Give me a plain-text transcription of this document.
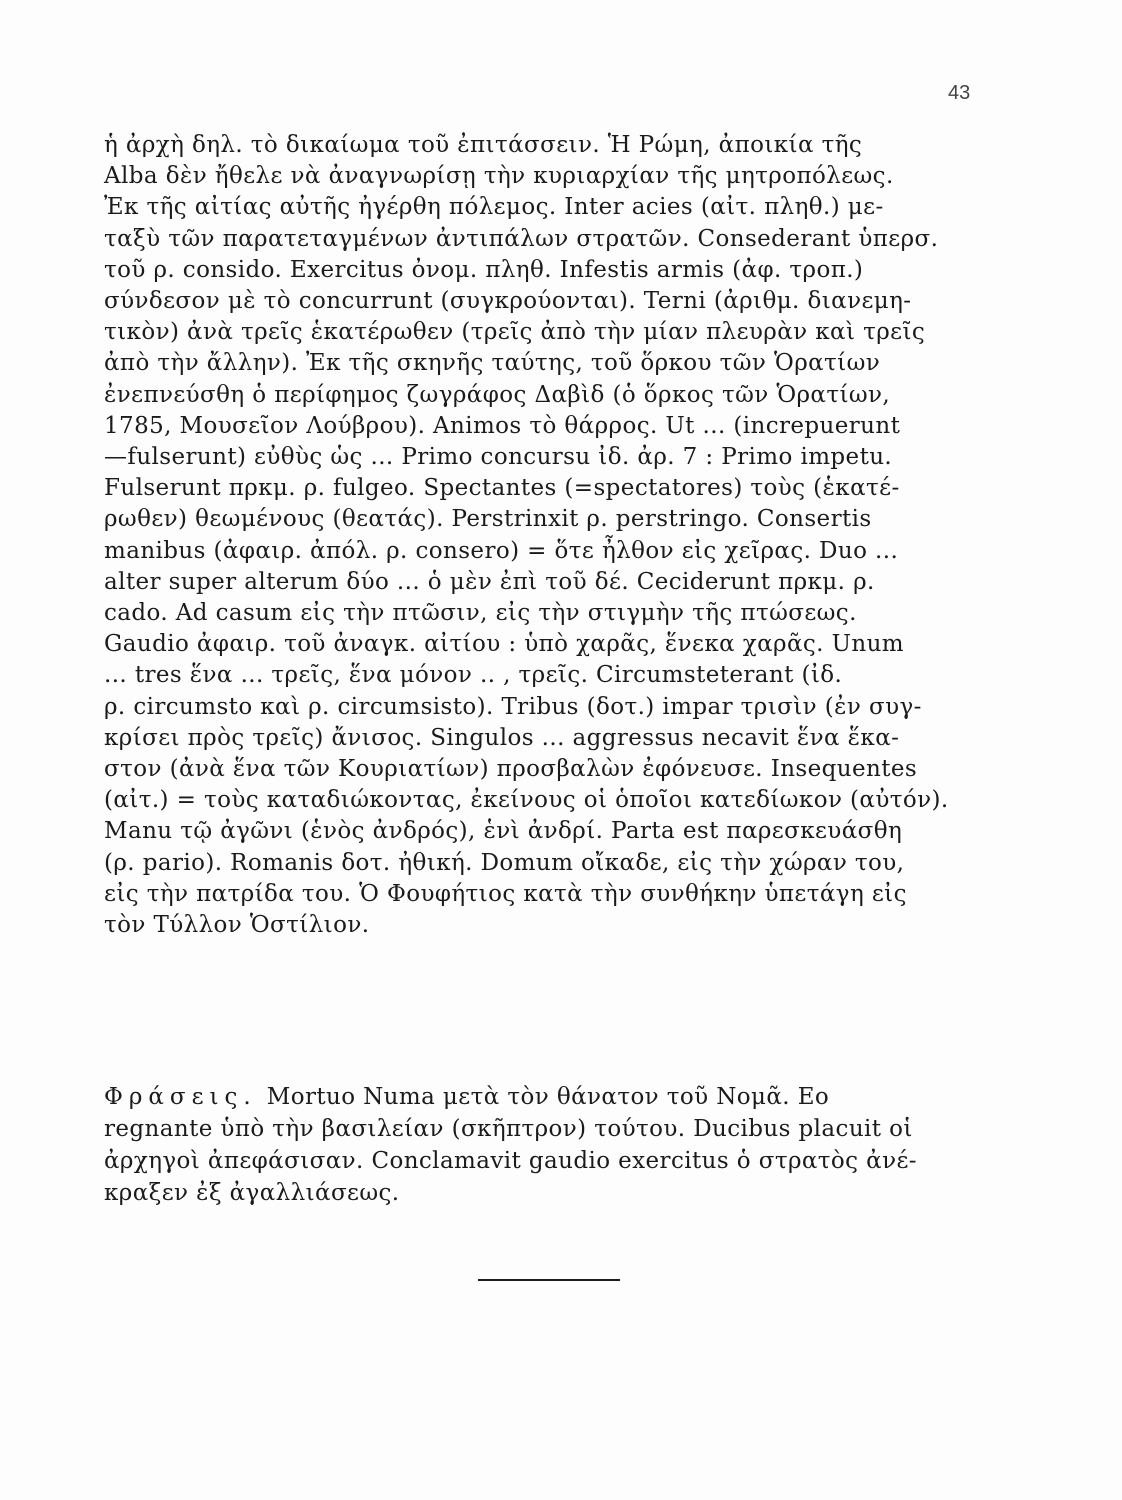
43
ἡ ἀρχὴ δηλ. τὸ δικαίωμα τοῦ ἐπιτάσσειν. Ἡ Ρώμη, ἀποικία τῆς
Alba δὲν ἤθελε νὰ ἀναγνωρίσῃ τὴν κυριαρχίαν τῆς μητροπόλεως.
Ἐκ τῆς αἰτίας αὐτῆς ἠγέρθη πόλεμος. Inter acies (αἰτ. πληθ.) με-
ταξὺ τῶν παρατεταγμένων ἀντιπάλων στρατῶν. Consederant ὑπερσ.
τοῦ ρ. consido. Exercitus ὀνομ. πληθ. Infestis armis (ἀφ. τροπ.)
σύνδεσον μὲ τὸ concurrunt (συγκρούονται). Terni (ἀριθμ. διανεμη-
τικὸν) ἀνὰ τρεῖς ἑκατέρωθεν (τρεῖς ἀπὸ τὴν μίαν πλευρὰν καὶ τρεῖς
ἀπὸ τὴν ἄλλην). Ἐκ τῆς σκηνῆς ταύτης, τοῦ ὅρκου τῶν Ὁρατίων
ἐνεπνεύσθη ὁ περίφημος ζωγράφος Δαβὶδ (ὁ ὅρκος τῶν Ὁρατίων,
1785, Μουσεῖον Λούβρου). Animos τὸ θάρρος. Ut ... (increpuerunt
—fulserunt) εὐθὺς ὡς ... Primo concursu ἰδ. ἀρ. 7 : Primo impetu.
Fulserunt πρκμ. ρ. fulgeo. Spectantes (=spectatores) τοὺς (ἑκατέ-
ρωθεν) θεωμένους (θεατάς). Perstrinxit ρ. perstringo. Consertis
manibus (ἀφαιρ. ἀπόλ. ρ. consero) = ὅτε ἦλθον εἰς χεῖρας. Duo ...
alter super alterum δύο ... ὁ μὲν ἐπὶ τοῦ δέ. Ceciderunt πρκμ. ρ.
cado. Ad casum εἰς τὴν πτῶσιν, εἰς τὴν στιγμὴν τῆς πτώσεως.
Gaudio ἀφαιρ. τοῦ ἀναγκ. αἰτίου : ὑπὸ χαρᾶς, ἕνεκα χαρᾶς. Unum
... tres ἕνα ... τρεῖς, ἕνα μόνον .. , τρεῖς. Circumsteterant (ἰδ.
ρ. circumsto καὶ ρ. circumsisto). Tribus (δοτ.) impar τρισὶν (ἐν συγ-
κρίσει πρὸς τρεῖς) ἄνισος. Singulos ... aggressus necavit ἕνα ἕκα-
στον (ἀνὰ ἕνα τῶν Κουριατίων) προσβαλὼν ἐφόνευσε. Insequentes
(αἰτ.) = τοὺς καταδιώκοντας, ἐκείνους οἱ ὁποῖοι κατεδίωκον (αὐτόν).
Manu τῷ ἀγῶνι (ἑνὸς ἀνδρός), ἑνὶ ἀνδρί. Parta est παρεσκευάσθη
(ρ. pario). Romanis δοτ. ἠθική. Domum οἴκαδε, εἰς τὴν χώραν του,
εἰς τὴν πατρίδα του. Ὁ Φουφήτιος κατὰ τὴν συνθήκην ὑπετάγη εἰς
τὸν Τύλλον Ὁστίλιον.
Φράσεις. Mortuo Numa μετὰ τὸν θάνατον τοῦ Νομᾶ. Eo
regnante ὑπὸ τὴν βασιλείαν (σκῆπτρον) τούτου. Ducibus placuit οἱ
ἀρχηγοὶ ἀπεφάσισαν. Conclamavit gaudio exercitus ὁ στρατὸς ἀνέ-
κραξεν ἐξ ἀγαλλιάσεως.
